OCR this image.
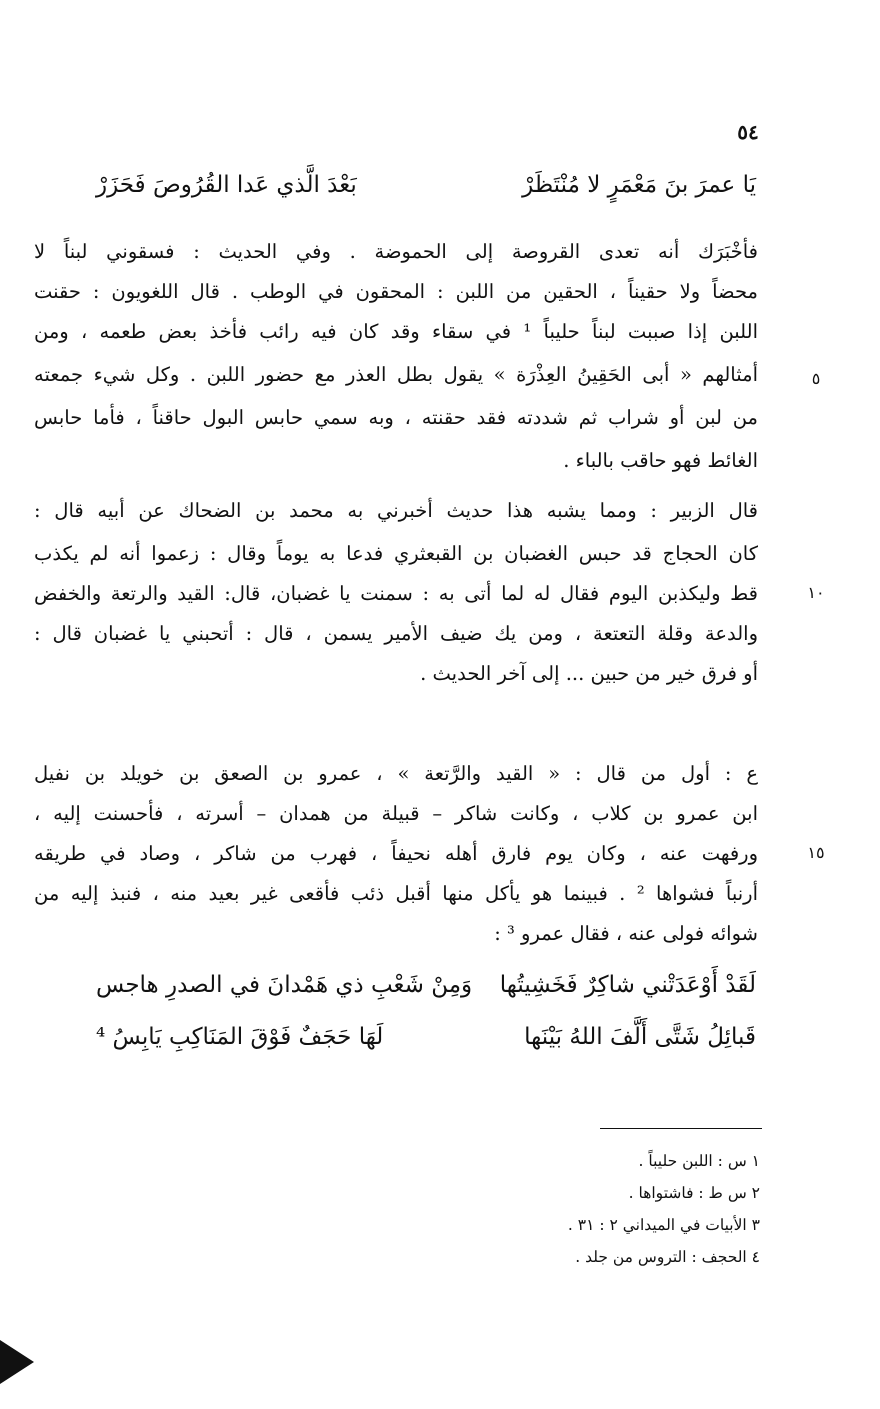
٥٤
يَا عمرَ بنَ مَعْمَرٍ لا مُنْتَظَرْ
بَعْدَ الَّذي عَدا القُرُوصَ فَحَزَرْ
فأخْبَرَك أنه تعدى القروصة إلى الحموضة . وفي الحديث : فسقوني لبناً لا
محضاً ولا حقيناً ، الحقين من اللبن : المحقون في الوطب . قال اللغويون : حقنت
اللبن إذا صببت لبناً حليباً ¹ في سقاء وقد كان فيه رائب فأخذ بعض طعمه ، ومن
أمثالهم « أبى الحَقِينُ العِذْرَة » يقول بطل العذر مع حضور اللبن . وكل شيء جمعته
من لبن أو شراب ثم شددته فقد حقنته ، وبه سمي حابس البول حاقناً ، فأما حابس
الغائط فهو حاقب بالباء .
قال الزبير : ومما يشبه هذا حديث أخبرني به محمد بن الضحاك عن أبيه قال :
كان الحجاج قد حبس الغضبان بن القبعثري فدعا به يوماً وقال : زعموا أنه لم يكذب
قط وليكذبن اليوم فقال له لما أتى به : سمنت يا غضبان، قال: القيد والرتعة والخفض
والدعة وقلة التعتعة ، ومن يك ضيف الأمير يسمن ، قال : أتحبني يا غضبان قال :
أو فرق خير من حبين ... إلى آخر الحديث .
ع : أول من قال : « القيد والرَّتعة » ، عمرو بن الصعق بن خويلد بن نفيل
ابن عمرو بن كلاب ، وكانت شاكر – قبيلة من همدان – أسرته ، فأحسنت إليه ،
ورفهت عنه ، وكان يوم فارق أهله نحيفاً ، فهرب من شاكر ، وصاد في طريقه
أرنباً فشواها ² . فبينما هو يأكل منها أقبل ذئب فأقعى غير بعيد منه ، فنبذ إليه من
شوائه فولى عنه ، فقال عمرو ³ :
لَقَدْ أَوْعَدَتْني شاكِرٌ فَخَشِيتُها
وَمِنْ شَعْبِ ذي هَمْدانَ في الصدرِ هاجس
قَبائِلُ شَتَّى أَلَّفَ اللهُ بَيْنَها
لَهَا حَجَفٌ فَوْقَ المَنَاكِبِ يَابِسُ ⁴
٥
١٠
١٥
١ س : اللبن حليباً .
٢ س ط : فاشتواها .
٣ الأبيات في الميداني ٢ : ٣١ .
٤ الحجف : التروس من جلد .
